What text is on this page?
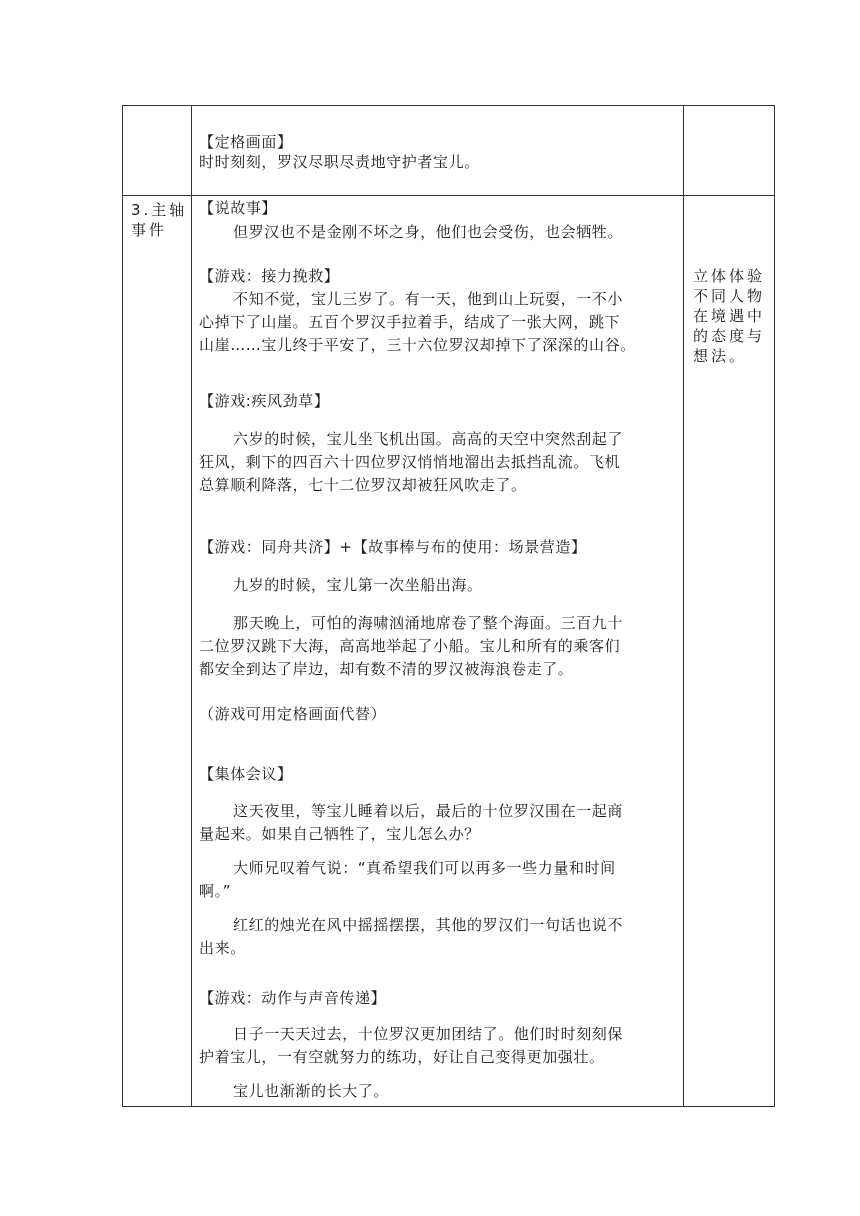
【定格画面】
时时刻刻，罗汉尽职尽责地守护者宝儿。
3.主轴
事件
立体体验
不同人物
在境遇中
的态度与
想法。
【说故事】
但罗汉也不是金刚不坏之身，他们也会受伤，也会牺牲。
【游戏：接力挽救】
不知不觉，宝儿三岁了。有一天，他到山上玩耍，一不小
心掉下了山崖。五百个罗汉手拉着手，结成了一张大网，跳下
山崖……宝儿终于平安了，三十六位罗汉却掉下了深深的山谷。
【游戏:疾风劲草】
六岁的时候，宝儿坐飞机出国。高高的天空中突然刮起了
狂风，剩下的四百六十四位罗汉悄悄地溜出去抵挡乱流。飞机
总算顺利降落，七十二位罗汉却被狂风吹走了。
【游戏：同舟共济】+【故事棒与布的使用：场景营造】
九岁的时候，宝儿第一次坐船出海。
那天晚上，可怕的海啸汹涌地席卷了整个海面。三百九十
二位罗汉跳下大海，高高地举起了小船。宝儿和所有的乘客们
都安全到达了岸边，却有数不清的罗汉被海浪卷走了。
（游戏可用定格画面代替）
【集体会议】
这天夜里，等宝儿睡着以后，最后的十位罗汉围在一起商
量起来。如果自己牺牲了，宝儿怎么办？
大师兄叹着气说：“真希望我们可以再多一些力量和时间
啊。”
红红的烛光在风中摇摇摆摆，其他的罗汉们一句话也说不
出来。
【游戏：动作与声音传递】
日子一天天过去，十位罗汉更加团结了。他们时时刻刻保
护着宝儿，一有空就努力的练功，好让自己变得更加强壮。
宝儿也渐渐的长大了。
